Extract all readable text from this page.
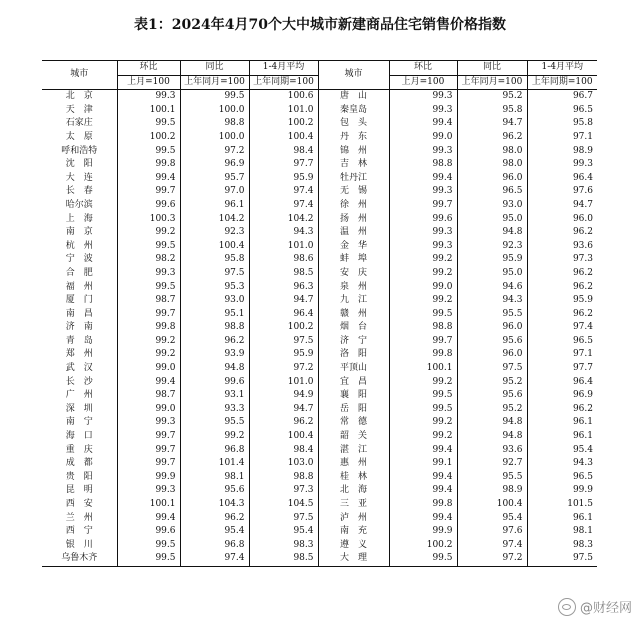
表1：2024年4月70个大中城市新建商品住宅销售价格指数
城市	环比	同比	1-4月平均	城市	环比	同比	1-4月平均
	上月=100	上年同月=100	上年同期=100		上月=100	上年同月=100	上年同期=100
北　京	99.3	99.5	100.6	唐　山	99.3	95.2	96.7
天　津	100.1	100.0	101.0	秦皇岛	99.3	95.8	96.5
石家庄	99.5	98.8	100.2	包　头	99.4	94.7	95.8
太　原	100.2	100.0	100.4	丹　东	99.0	96.2	97.1
呼和浩特	99.5	97.2	98.4	锦　州	99.3	98.0	98.9
沈　阳	99.8	96.9	97.7	吉　林	98.8	98.0	99.3
大　连	99.4	95.7	95.9	牡丹江	99.4	96.0	96.4
长　春	99.7	97.0	97.4	无　锡	99.3	96.5	97.6
哈尔滨	99.6	96.1	97.4	徐　州	99.7	93.0	94.7
上　海	100.3	104.2	104.2	扬　州	99.6	95.0	96.0
南　京	99.2	92.3	94.3	温　州	99.3	94.8	96.2
杭　州	99.5	100.4	101.0	金　华	99.3	92.3	93.6
宁　波	98.2	95.8	98.6	蚌　埠	99.2	95.9	97.3
合　肥	99.3	97.5	98.5	安　庆	99.2	95.0	96.2
福　州	99.5	95.3	96.3	泉　州	99.0	94.6	96.2
厦　门	98.7	93.0	94.7	九　江	99.2	94.3	95.9
南　昌	99.7	95.1	96.4	赣　州	99.5	95.5	96.2
济　南	99.8	98.8	100.2	烟　台	98.8	96.0	97.4
青　岛	99.2	96.2	97.5	济　宁	99.7	95.6	96.5
郑　州	99.2	93.9	95.9	洛　阳	99.8	96.0	97.1
武　汉	99.0	94.8	97.2	平顶山	100.1	97.5	97.7
长　沙	99.4	99.6	101.0	宜　昌	99.2	95.2	96.4
广　州	98.7	93.1	94.9	襄　阳	99.5	95.6	96.9
深　圳	99.0	93.3	94.7	岳　阳	99.5	95.2	96.2
南　宁	99.3	95.5	96.2	常　德	99.2	94.8	96.1
海　口	99.7	99.2	100.4	韶　关	99.2	94.8	96.1
重　庆	99.7	96.8	98.4	湛　江	99.4	93.6	95.4
成　都	99.7	101.4	103.0	惠　州	99.1	92.7	94.3
贵　阳	99.9	98.1	98.8	桂　林	99.4	95.5	96.5
昆　明	99.3	95.6	97.3	北　海	99.4	98.9	99.9
西　安	100.1	104.3	104.5	三　亚	99.8	100.4	101.5
兰　州	99.4	96.2	97.5	泸　州	99.4	95.4	96.1
西　宁	99.6	95.4	95.4	南　充	99.9	97.6	98.1
银　川	99.5	96.8	98.3	遵　义	100.2	97.4	98.3
乌鲁木齐	99.5	97.4	98.5	大　理	99.5	97.2	97.5
@财经网
